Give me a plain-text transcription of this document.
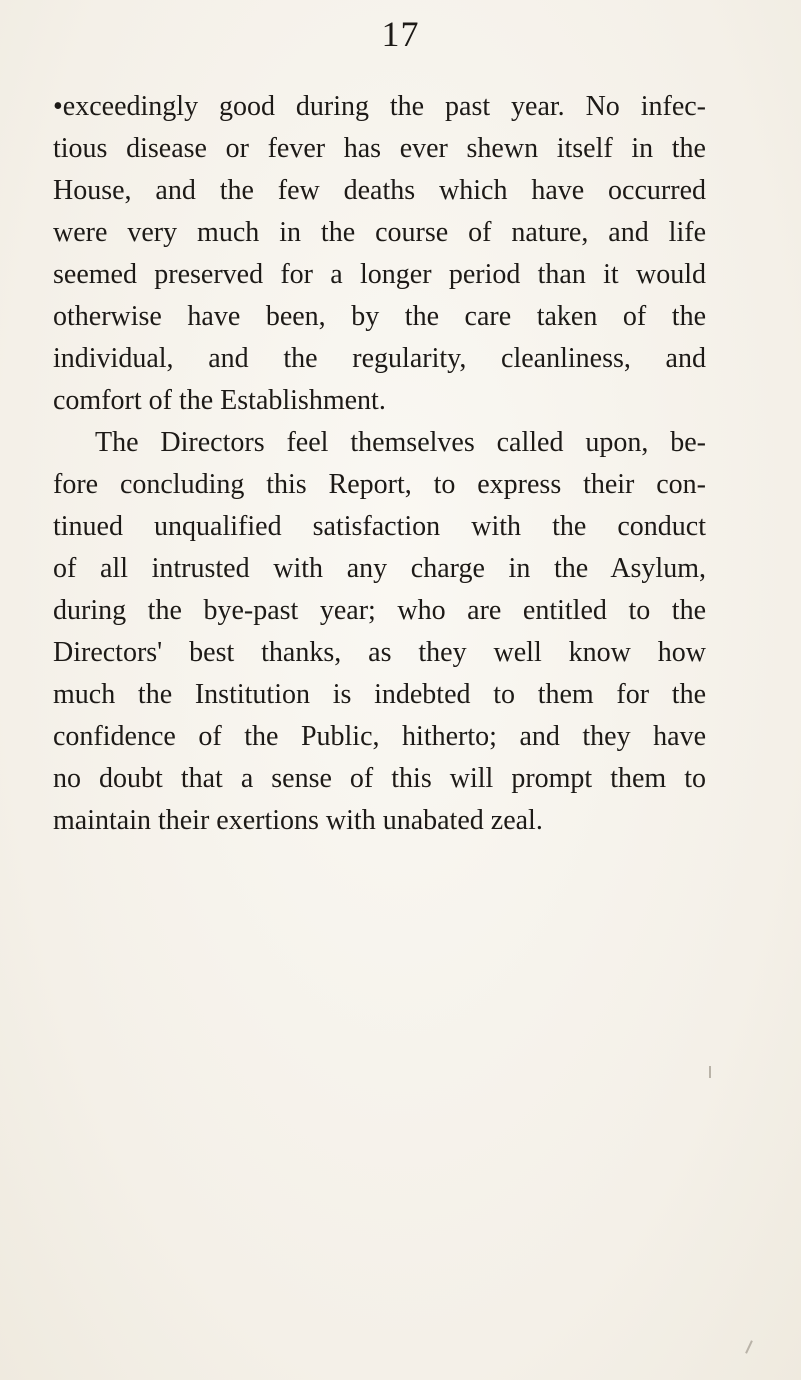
17
•exceedingly good during the past year. No infec-
tious disease or fever has ever shewn itself in the
House, and the few deaths which have occurred
were very much in the course of nature, and life
seemed preserved for a longer period than it would
otherwise have been, by the care taken of the
individual, and the regularity, cleanliness, and
comfort of the Establishment.
The Directors feel themselves called upon, be-
fore concluding this Report, to express their con-
tinued unqualified satisfaction with the conduct
of all intrusted with any charge in the Asylum,
during the bye-past year; who are entitled to the
Directors' best thanks, as they well know how
much the Institution is indebted to them for the
confidence of the Public, hitherto; and they have
no doubt that a sense of this will prompt them to
maintain their exertions with unabated zeal.
